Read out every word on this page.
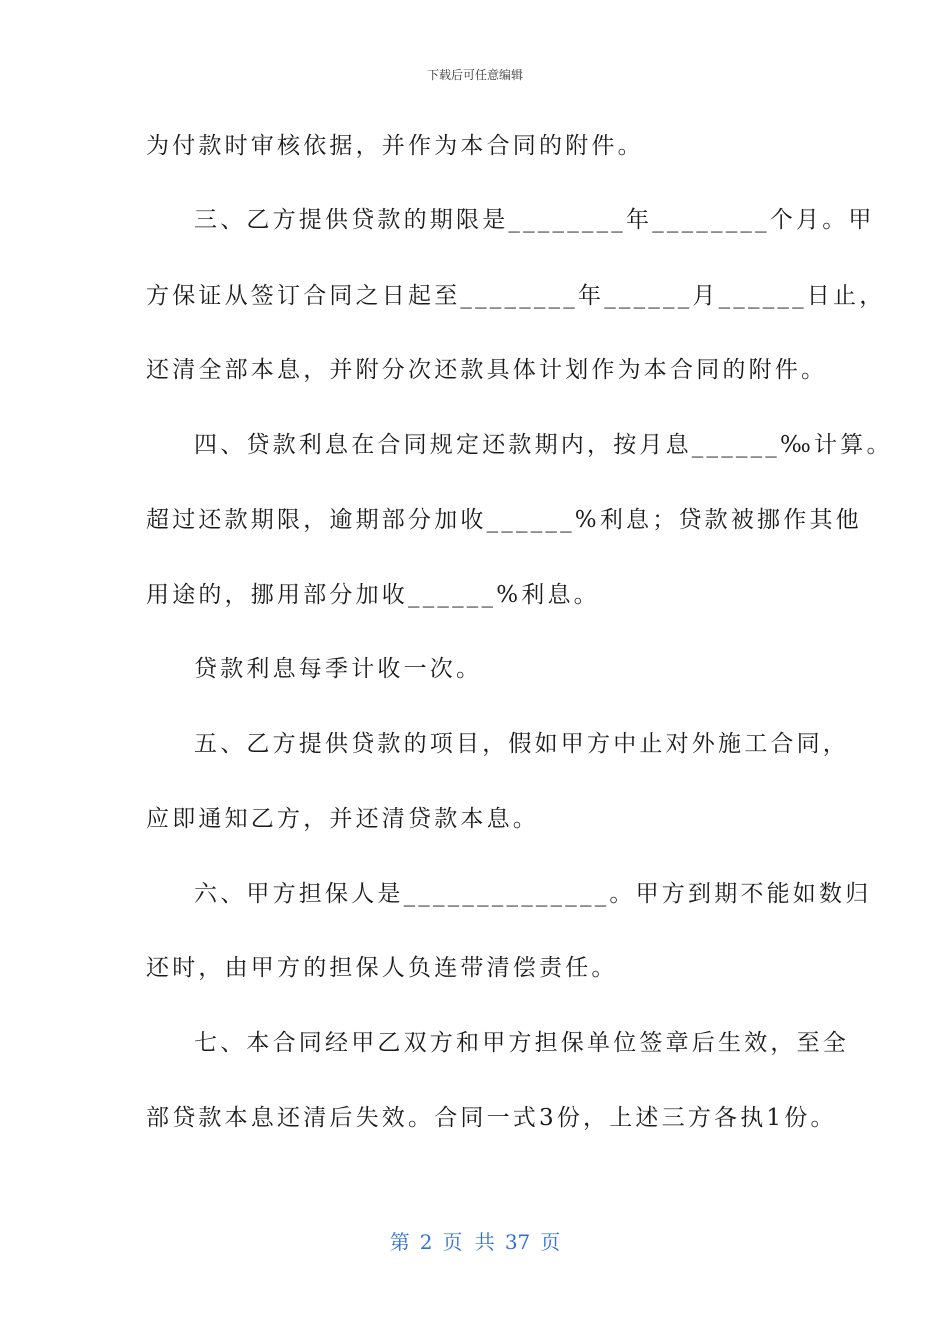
下载后可任意编辑
为付款时审核依据，并作为本合同的附件。
三、乙方提供贷款的期限是________年________个月。甲
方保证从签订合同之日起至________年______月______日止，
还清全部本息，并附分次还款具体计划作为本合同的附件。
四、贷款利息在合同规定还款期内，按月息______‰计算。
超过还款期限，逾期部分加收______%利息；贷款被挪作其他
用途的，挪用部分加收______%利息。
贷款利息每季计收一次。
五、乙方提供贷款的项目，假如甲方中止对外施工合同，
应即通知乙方，并还清贷款本息。
六、甲方担保人是______________。甲方到期不能如数归
还时，由甲方的担保人负连带清偿责任。
七、本合同经甲乙双方和甲方担保单位签章后生效，至全
部贷款本息还清后失效。合同一式3份，上述三方各执1份。
第 2 页 共 37 页
